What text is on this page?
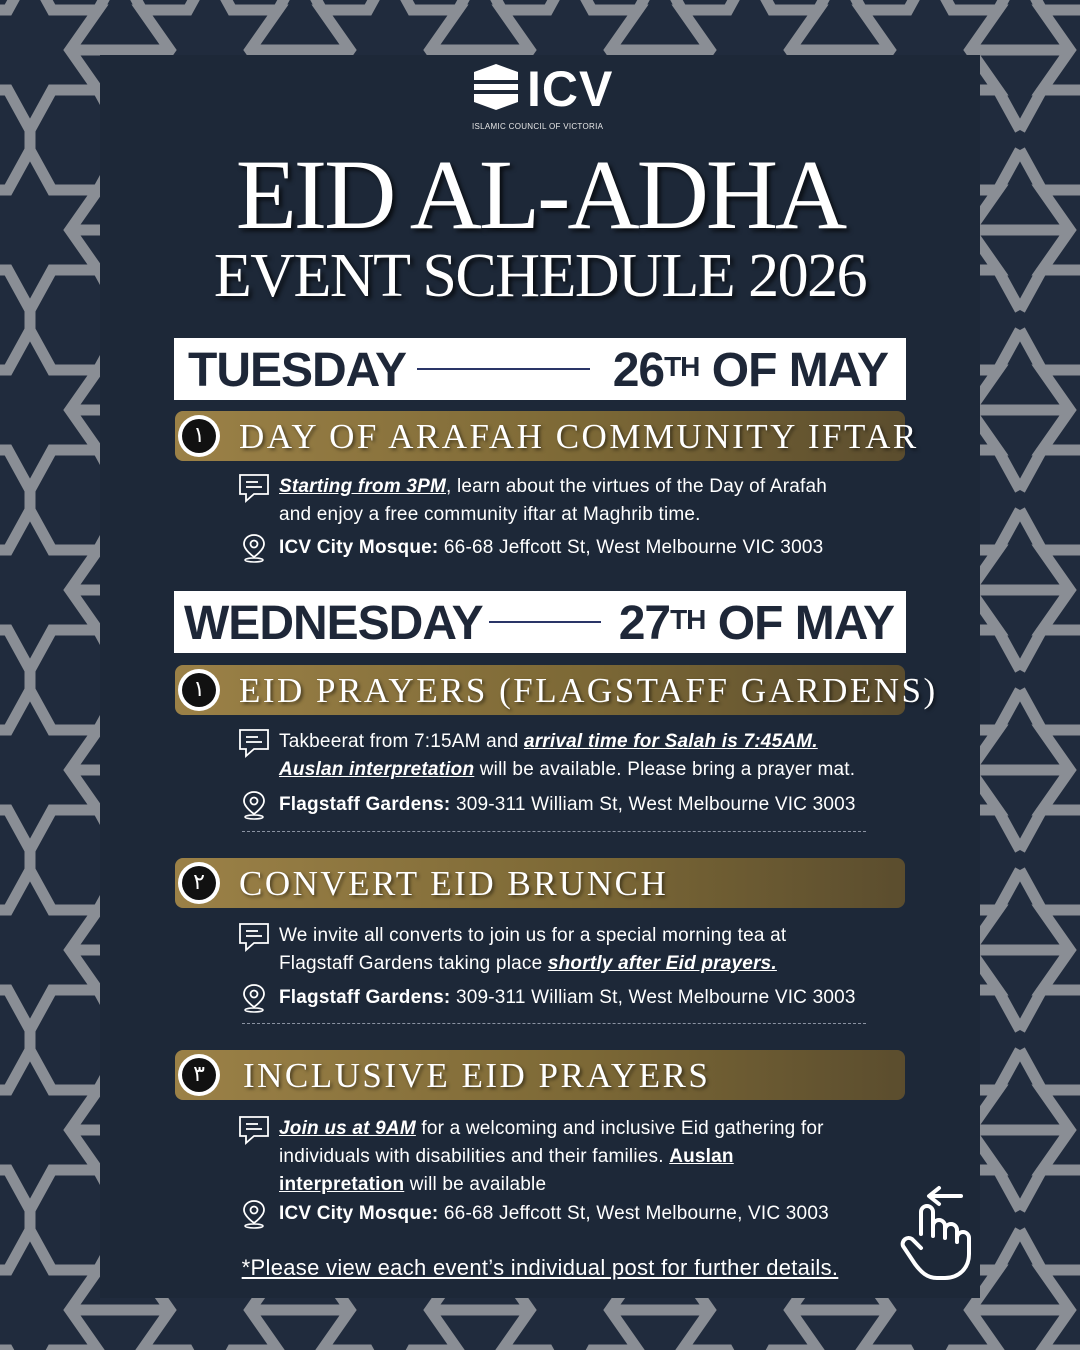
ICV
ISLAMIC COUNCIL OF VICTORIA
EID AL-ADHA
EVENT SCHEDULE 2026
TUESDAY	26TH OF MAY
١ DAY OF ARAFAH COMMUNITY IFTAR
Starting from 3PM, learn about the virtues of the Day of Arafah
and enjoy a free community iftar at Maghrib time.
ICV City Mosque: 66-68 Jeffcott St, West Melbourne VIC 3003
WEDNESDAY	27TH OF MAY
١ EID PRAYERS (FLAGSTAFF GARDENS)
Takbeerat from 7:15AM and arrival time for Salah is 7:45AM.
Auslan interpretation will be available. Please bring a prayer mat.
Flagstaff Gardens: 309-311 William St, West Melbourne VIC 3003
٢ CONVERT EID BRUNCH
We invite all converts to join us for a special morning tea at
Flagstaff Gardens taking place shortly after Eid prayers.
Flagstaff Gardens: 309-311 William St, West Melbourne VIC 3003
٣	INCLUSIVE EID PRAYERS
Join us at 9AM for a welcoming and inclusive Eid gathering for
individuals with disabilities and their families. Auslan
interpretation will be available
ICV City Mosque: 66-68 Jeffcott St, West Melbourne, VIC 3003
*Please view each event’s individual post for further details.
